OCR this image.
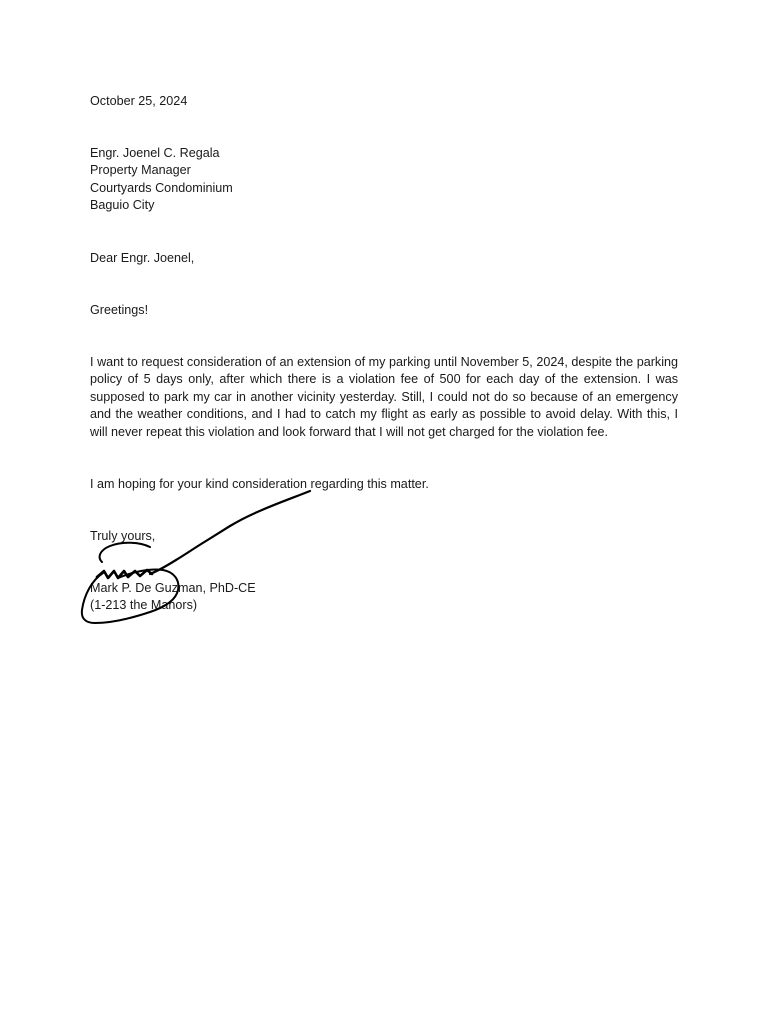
October 25, 2024
Engr. Joenel C. Regala
Property Manager
Courtyards Condominium
Baguio City
Dear Engr. Joenel,
Greetings!
I want to request consideration of an extension of my parking until November 5, 2024, despite the parking
policy of 5 days only, after which there is a violation fee of 500 for each day of the extension. I was
supposed to park my car in another vicinity yesterday. Still, I could not do so because of an emergency
and the weather conditions, and I had to catch my flight as early as possible to avoid delay. With this, I
will never repeat this violation and look forward that I will not get charged for the violation fee.
I am hoping for your kind consideration regarding this matter.
Truly yours,
Mark P. De Guzman, PhD-CE
(1-213 the Manors)
